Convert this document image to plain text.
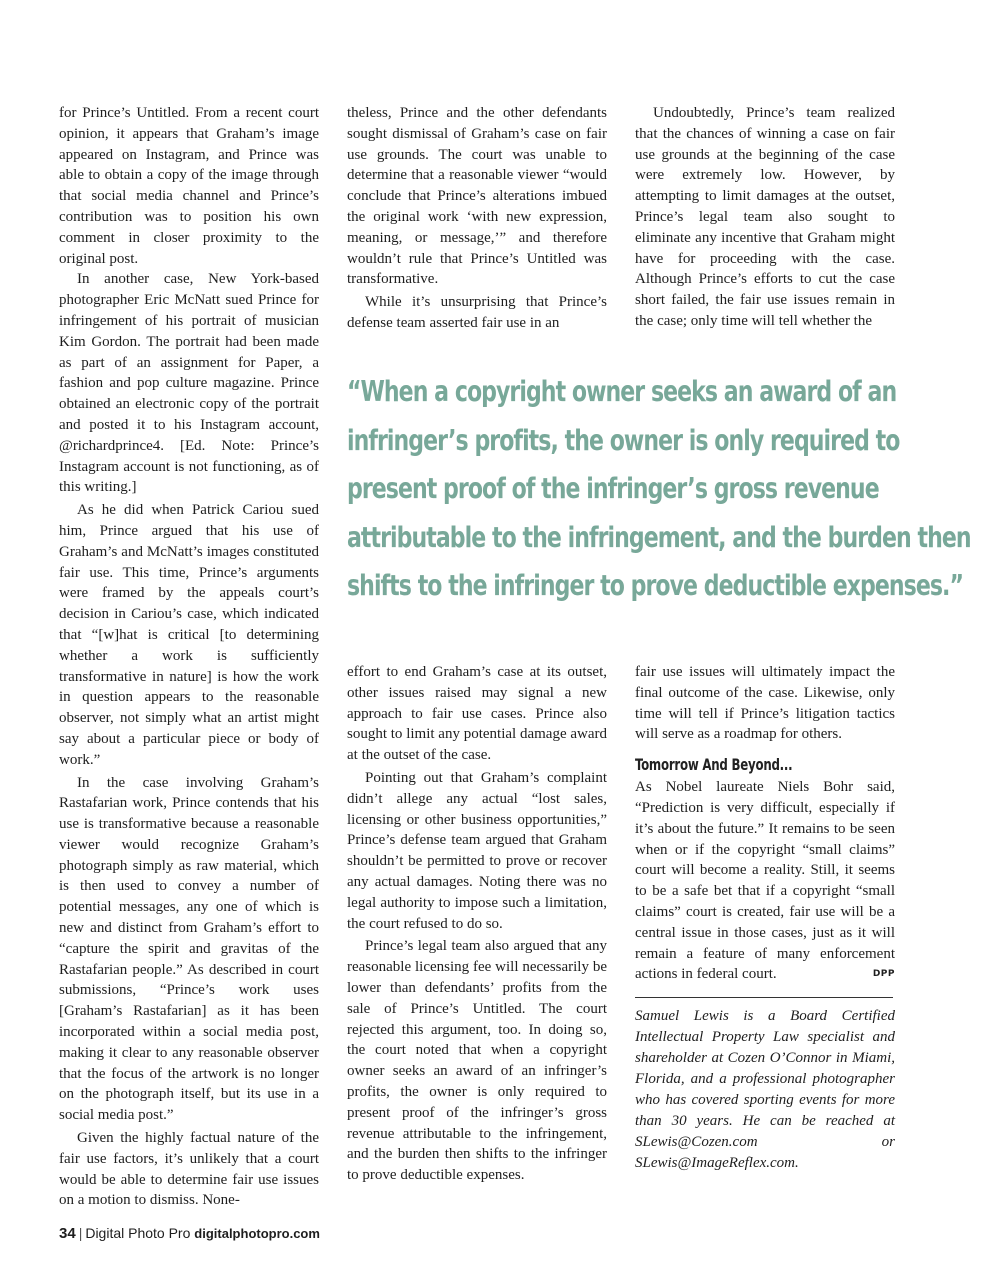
for Prince’s Untitled. From a recent court opinion, it appears that Graham’s image appeared on Instagram, and Prince was able to obtain a copy of the image through that social media channel and Prince’s contribution was to position his own comment in closer proximity to the original post.

In another case, New York-based photographer Eric McNatt sued Prince for infringement of his portrait of musician Kim Gordon. The portrait had been made as part of an assignment for Paper, a fashion and pop culture magazine. Prince obtained an electronic copy of the portrait and posted it to his Instagram account, @richardprince4. [Ed. Note: Prince’s Instagram account is not functioning, as of this writing.]

As he did when Patrick Cariou sued him, Prince argued that his use of Graham’s and McNatt’s images constituted fair use. This time, Prince’s arguments were framed by the appeals court’s decision in Cariou’s case, which indicated that “[w]hat is critical [to determining whether a work is sufficiently transformative in nature] is how the work in question appears to the reasonable observer, not simply what an artist might say about a particular piece or body of work.”

In the case involving Graham’s Rastafarian work, Prince contends that his use is transformative because a reasonable viewer would recognize Graham’s photograph simply as raw material, which is then used to convey a number of potential messages, any one of which is new and distinct from Graham’s effort to “capture the spirit and gravitas of the Rastafarian people.” As described in court submissions, “Prince’s work uses [Graham’s Rastafarian] as it has been incorporated within a social media post, making it clear to any reasonable observer that the focus of the artwork is no longer on the photograph itself, but its use in a social media post.”

Given the highly factual nature of the fair use factors, it’s unlikely that a court would be able to determine fair use issues on a motion to dismiss. None-

theless, Prince and the other defendants sought dismissal of Graham’s case on fair use grounds. The court was unable to determine that a reasonable viewer “would conclude that Prince’s alterations imbued the original work ‘with new expression, meaning, or message,’” and therefore wouldn’t rule that Prince’s Untitled was transformative.

While it’s unsurprising that Prince’s defense team asserted fair use in an

Undoubtedly, Prince’s team realized that the chances of winning a case on fair use grounds at the beginning of the case were extremely low. However, by attempting to limit damages at the outset, Prince’s legal team also sought to eliminate any incentive that Graham might have for proceeding with the case. Although Prince’s efforts to cut the case short failed, the fair use issues remain in the case; only time will tell whether the

“When a copyright owner seeks an award of an
infringer’s profits, the owner is only required to
present proof of the infringer’s gross revenue
attributable to the infringement, and the burden then
shifts to the infringer to prove deductible expenses.”

effort to end Graham’s case at its outset, other issues raised may signal a new approach to fair use cases. Prince also sought to limit any potential damage award at the outset of the case.

Pointing out that Graham’s complaint didn’t allege any actual “lost sales, licensing or other business opportunities,” Prince’s defense team argued that Graham shouldn’t be permitted to prove or recover any actual damages. Noting there was no legal authority to impose such a limitation, the court refused to do so.

Prince’s legal team also argued that any reasonable licensing fee will necessarily be lower than defendants’ profits from the sale of Prince’s Untitled. The court rejected this argument, too. In doing so, the court noted that when a copyright owner seeks an award of an infringer’s profits, the owner is only required to present proof of the infringer’s gross revenue attributable to the infringement, and the burden then shifts to the infringer to prove deductible expenses.

fair use issues will ultimately impact the final outcome of the case. Likewise, only time will tell if Prince’s litigation tactics will serve as a roadmap for others.

Tomorrow And Beyond...

As Nobel laureate Niels Bohr said, “Prediction is very difficult, especially if it’s about the future.” It remains to be seen when or if the copyright “small claims” court will become a reality. Still, it seems to be a safe bet that if a copyright “small claims” court is created, fair use will be a central issue in those cases, just as it will remain a feature of many enforcement actions in federal court.	DPP

Samuel Lewis is a Board Certified Intellectual Property Law specialist and shareholder at Cozen O’Connor in Miami, Florida, and a professional photographer who has covered sporting events for more than 30 years. He can be reached at SLewis@Cozen.com or SLewis@ImageReflex.com.

34 | Digital Photo Pro digitalphotopro.com
